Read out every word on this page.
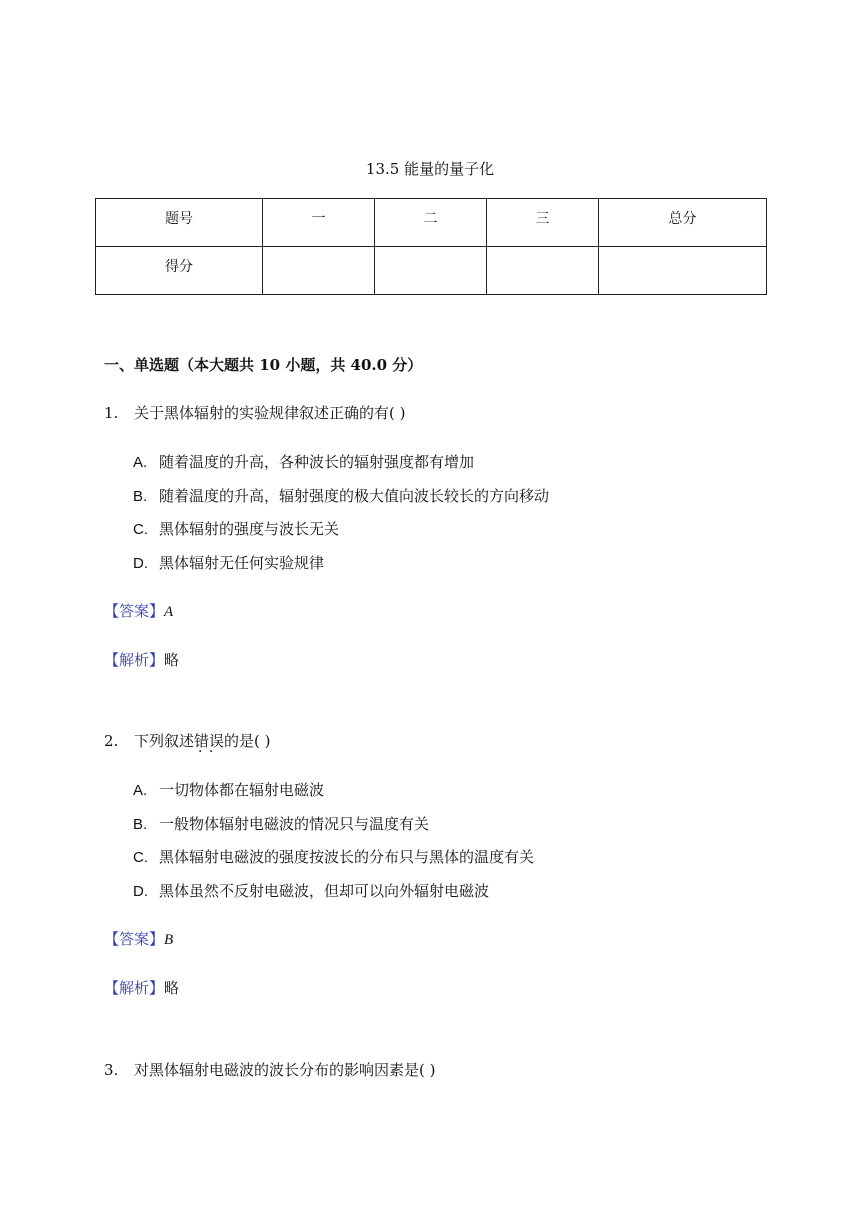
13.5 能量的量子化
题号	一	二	三	总分
得分				
一、单选题（本大题共 10 小题，共 40.0 分）
1. 关于黑体辐射的实验规律叙述正确的有( )
A. 随着温度的升高，各种波长的辐射强度都有增加
B. 随着温度的升高，辐射强度的极大值向波长较长的方向移动
C. 黑体辐射的强度与波长无关
D. 黑体辐射无任何实验规律
【答案】A
【解析】略
2. 下列叙述错误 · ·的是( )
A. 一切物体都在辐射电磁波
B. 一般物体辐射电磁波的情况只与温度有关
C. 黑体辐射电磁波的强度按波长的分布只与黑体的温度有关
D. 黑体虽然不反射电磁波，但却可以向外辐射电磁波
【答案】B
【解析】略
3. 对黑体辐射电磁波的波长分布的影响因素是( )
